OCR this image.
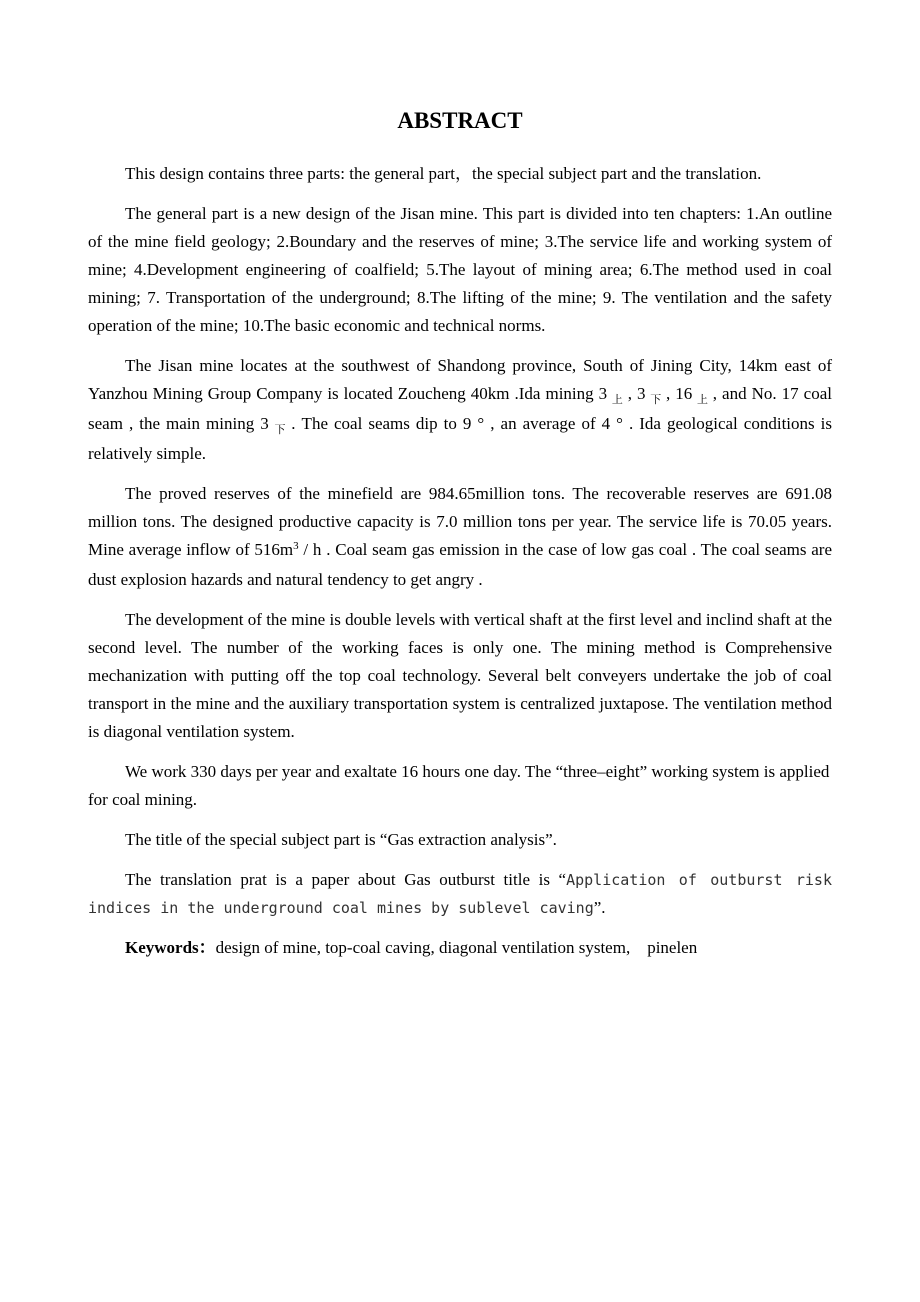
ABSTRACT

This design contains three parts: the general part，the special subject part and the translation.

The general part is a new design of the Jisan mine. This part is divided into ten chapters: 1.An outline of the mine field geology; 2.Boundary and the reserves of mine; 3.The service life and working system of mine; 4.Development engineering of coalfield; 5.The layout of mining area; 6.The method used in coal mining; 7. Transportation of the underground; 8.The lifting of the mine; 9. The ventilation and the safety operation of the mine; 10.The basic economic and technical norms.

The Jisan mine locates at the southwest of Shandong province, South of Jining City, 14km east of Yanzhou Mining Group Company is located Zoucheng 40km .Ida mining 3 $_上$ , 3 $_下$ , 16 $_上$ , and No. 17 coal seam , the main mining 3 $_下$ . The coal seams dip to 9 ° , an average of 4 ° . Ida geological conditions is relatively simple.

The proved reserves of the minefield are 984.65million tons. The recoverable reserves are 691.08 million tons. The designed productive capacity is 7.0 million tons per year. The service life is 70.05 years. Mine average inflow of $516m^3$ / h . Coal seam gas emission in the case of low gas coal . The coal seams are dust explosion hazards and natural tendency to get angry .

The development of the mine is double levels with vertical shaft at the first level and inclind shaft at the second level. The number of the working faces is only one. The mining method is Comprehensive mechanization with putting off the top coal technology. Several belt conveyers undertake the job of coal transport in the mine and the auxiliary transportation system is centralized juxtapose. The ventilation method is diagonal ventilation system.

We work 330 days per year and exaltate 16 hours one day. The “three–eight” working system is applied for coal mining.

The title of the special subject part is “Gas extraction analysis”.

The translation prat is a paper about Gas outburst title is “Application of outburst risk indices in the underground coal mines by sublevel caving”.

Keywords：design of mine, top-coal caving, diagonal ventilation system,    pinelen
